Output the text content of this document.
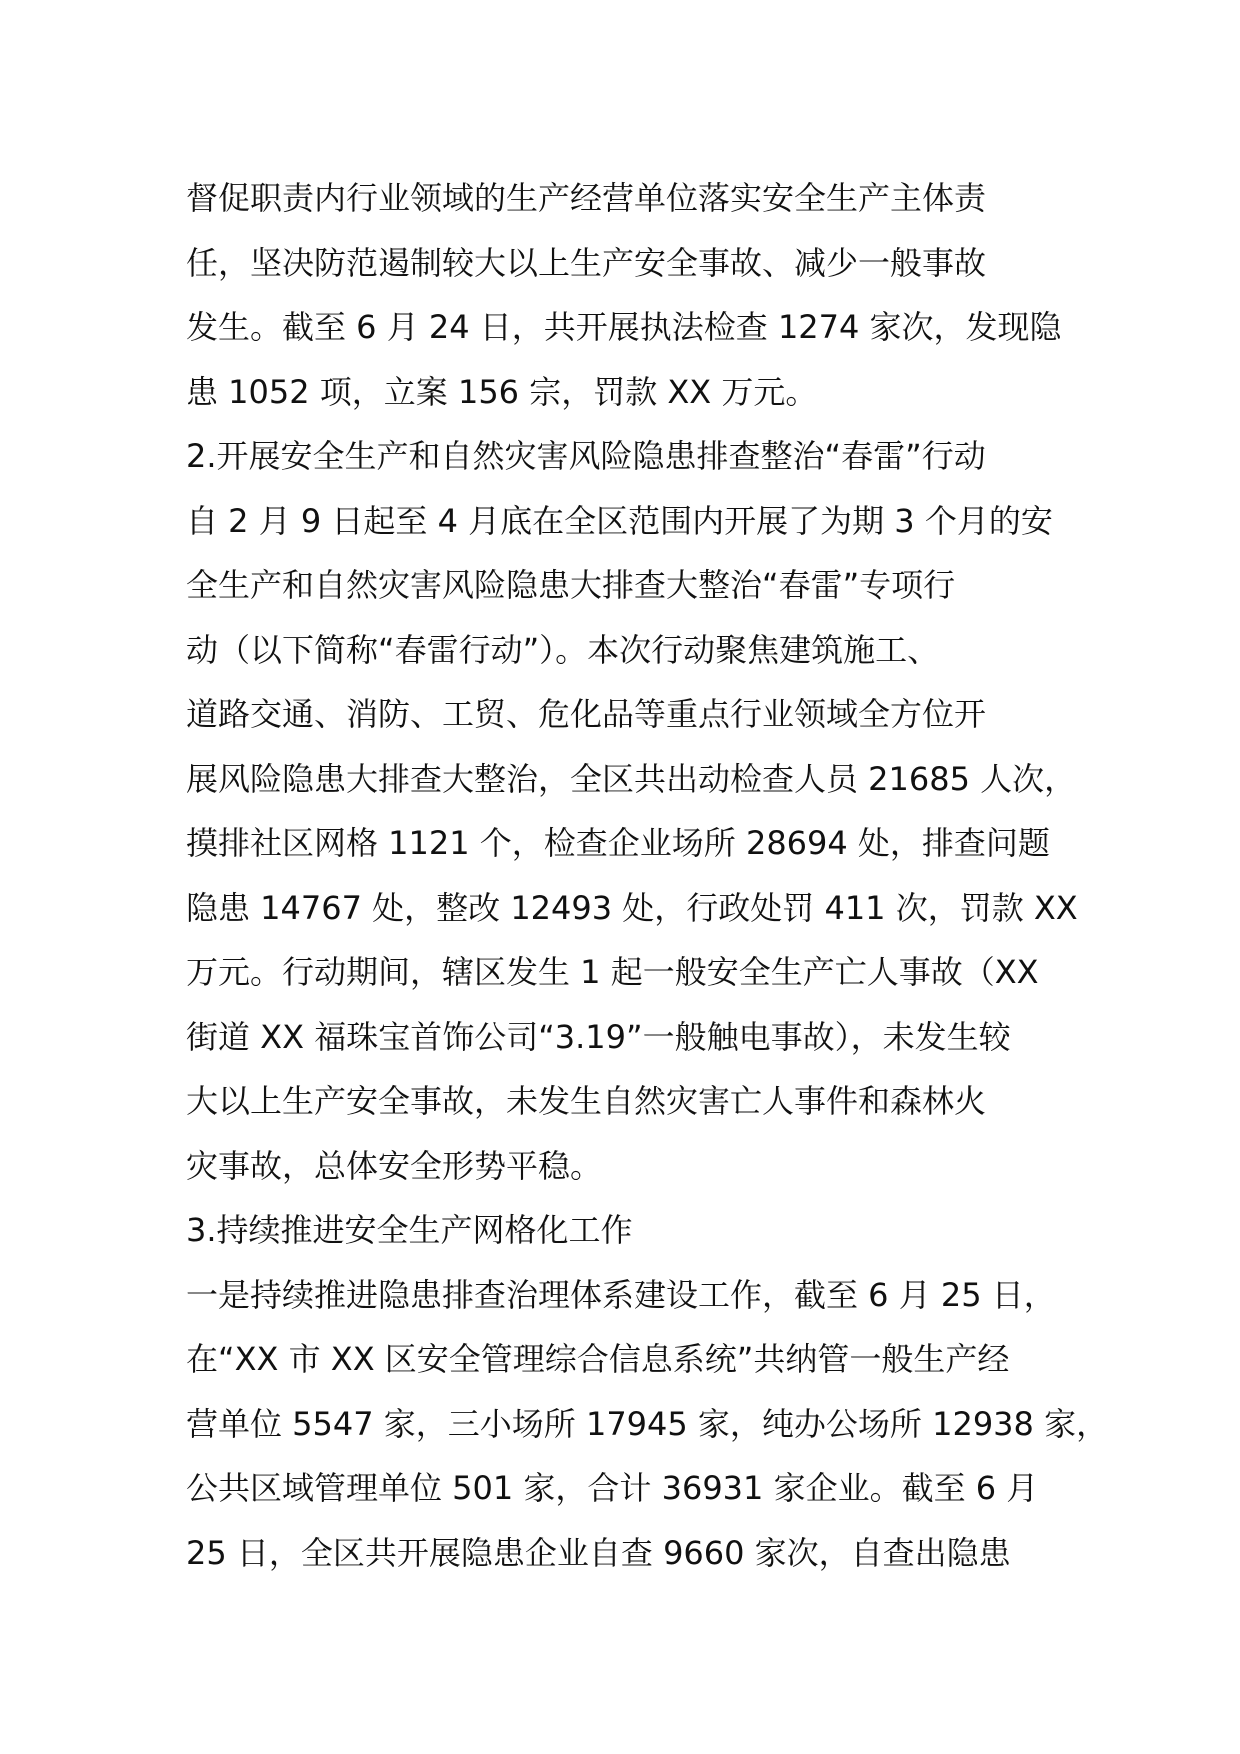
督促职责内行业领域的生产经营单位落实安全生产主体责
任，坚决防范遏制较大以上生产安全事故、减少一般事故
发生。截至 6 月 24 日，共开展执法检查 1274 家次，发现隐
患 1052 项，立案 156 宗，罚款 XX 万元。
2.开展安全生产和自然灾害风险隐患排查整治“春雷”行动
自 2 月 9 日起至 4 月底在全区范围内开展了为期 3 个月的安
全生产和自然灾害风险隐患大排查大整治“春雷”专项行
动（以下简称“春雷行动”）。本次行动聚焦建筑施工、
道路交通、消防、工贸、危化品等重点行业领域全方位开
展风险隐患大排查大整治，全区共出动检查人员 21685 人次，
摸排社区网格 1121 个，检查企业场所 28694 处，排查问题
隐患 14767 处，整改 12493 处，行政处罚 411 次，罚款 XX
万元。行动期间，辖区发生 1 起一般安全生产亡人事故（XX
街道 XX 福珠宝首饰公司“3.19”一般触电事故），未发生较
大以上生产安全事故，未发生自然灾害亡人事件和森林火
灾事故，总体安全形势平稳。
3.持续推进安全生产网格化工作
一是持续推进隐患排查治理体系建设工作，截至 6 月 25 日，
在“XX 市 XX 区安全管理综合信息系统”共纳管一般生产经
营单位 5547 家，三小场所 17945 家，纯办公场所 12938 家，
公共区域管理单位 501 家，合计 36931 家企业。截至 6 月
25 日，全区共开展隐患企业自查 9660 家次，自查出隐患
